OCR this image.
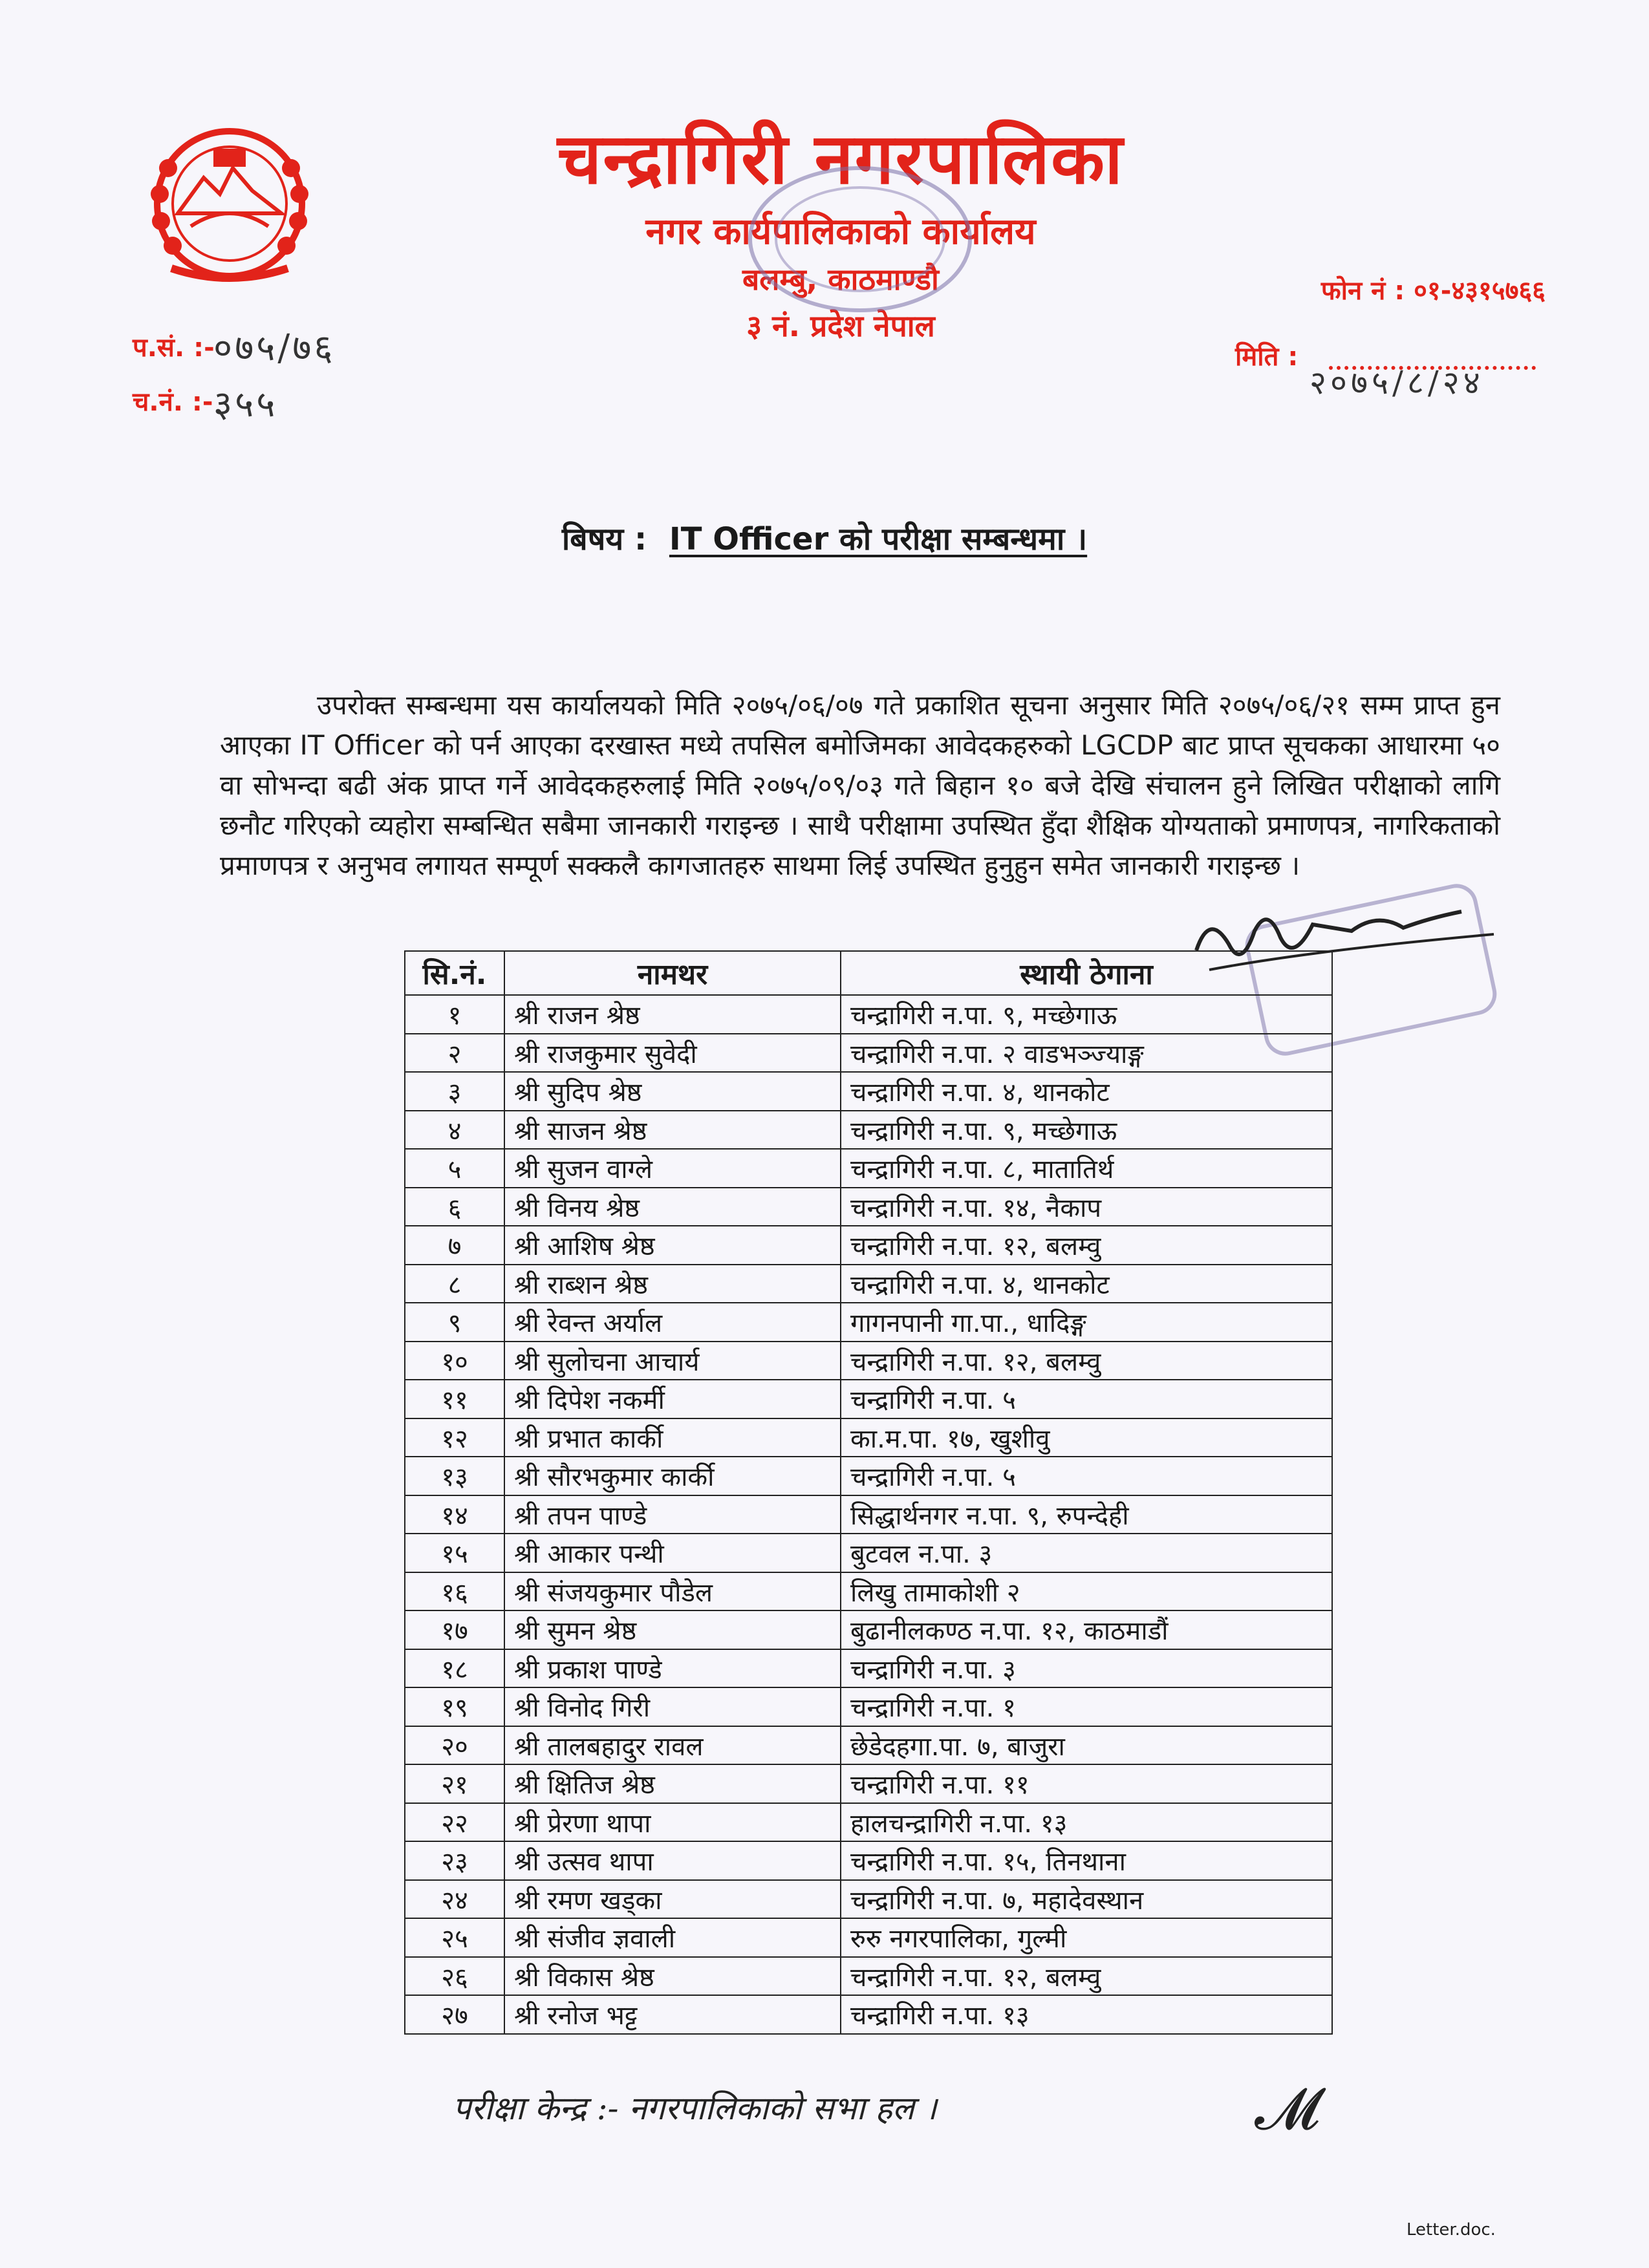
चन्द्रागिरी नगरपालिका
नगर कार्यपालिकाको कार्यालय
बलम्बु, काठमाण्डौ
३ नं. प्रदेश नेपाल
फोन नं : ०१-४३१५७६६
मिति :
२०७५/८/२४
प.सं. :-
०७५/७६
च.नं. :- ३५५
बिषय : IT Officer को परीक्षा सम्बन्धमा ।
उपरोक्त सम्बन्धमा यस कार्यालयको मिति २०७५/०६/०७ गते प्रकाशित सूचना अनुसार मिति २०७५/०६/२१ सम्म प्राप्त हुन आएका IT Officer को पर्न आएका दरखास्त मध्ये तपसिल बमोजिमका आवेदकहरुको LGCDP बाट प्राप्त सूचकका आधारमा ५० वा सोभन्दा बढी अंक प्राप्त गर्ने आवेदकहरुलाई मिति २०७५/०९/०३ गते बिहान १० बजे देखि संचालन हुने लिखित परीक्षाको लागि छनौट गरिएको व्यहोरा सम्बन्धित सबैमा जानकारी गराइन्छ । साथै परीक्षामा उपस्थित हुँदा शैक्षिक योग्यताको प्रमाणपत्र, नागरिकताको प्रमाणपत्र र अनुभव लगायत सम्पूर्ण सक्कलै कागजातहरु साथमा लिई उपस्थित हुनुहुन समेत जानकारी गराइन्छ ।
सि.नं.	नामथर	स्थायी ठेगाना
१	श्री राजन श्रेष्ठ	चन्द्रागिरी न.पा. ९, मच्छेगाऊ
२	श्री राजकुमार सुवेदी	चन्द्रागिरी न.पा. २ वाडभञ्ज्याङ्ग
३	श्री सुदिप श्रेष्ठ	चन्द्रागिरी न.पा. ४, थानकोट
४	श्री साजन श्रेष्ठ	चन्द्रागिरी न.पा. ९, मच्छेगाऊ
५	श्री सुजन वाग्ले	चन्द्रागिरी न.पा. ८, मातातिर्थ
६	श्री विनय श्रेष्ठ	चन्द्रागिरी न.पा. १४, नैकाप
७	श्री आशिष श्रेष्ठ	चन्द्रागिरी न.पा. १२, बलम्वु
८	श्री राब्शन श्रेष्ठ	चन्द्रागिरी न.पा. ४, थानकोट
९	श्री रेवन्त अर्याल	गागनपानी गा.पा., धादिङ्ग
१०	श्री सुलोचना आचार्य	चन्द्रागिरी न.पा. १२, बलम्वु
११	श्री दिपेश नकर्मी	चन्द्रागिरी न.पा. ५
१२	श्री प्रभात कार्की	का.म.पा. १७, खुशीवु
१३	श्री सौरभकुमार कार्की	चन्द्रागिरी न.पा. ५
१४	श्री तपन पाण्डे	सिद्धार्थनगर न.पा. ९, रुपन्देही
१५	श्री आकार पन्थी	बुटवल न.पा. ३
१६	श्री संजयकुमार पौडेल	लिखु तामाकोशी २
१७	श्री सुमन श्रेष्ठ	बुढानीलकण्ठ न.पा. १२, काठमाडौं
१८	श्री प्रकाश पाण्डे	चन्द्रागिरी न.पा. ३
१९	श्री विनोद गिरी	चन्द्रागिरी न.पा. १
२०	श्री तालबहादुर रावल	छेडेदहगा.पा. ७, बाजुरा
२१	श्री क्षितिज श्रेष्ठ	चन्द्रागिरी न.पा. ११
२२	श्री प्रेरणा थापा	हालचन्द्रागिरी न.पा. १३
२३	श्री उत्सव थापा	चन्द्रागिरी न.पा. १५, तिनथाना
२४	श्री रमण खड्का	चन्द्रागिरी न.पा. ७, महादेवस्थान
२५	श्री संजीव ज्ञवाली	रुरु नगरपालिका, गुल्मी
२६	श्री विकास श्रेष्ठ	चन्द्रागिरी न.पा. १२, बलम्वु
२७	श्री रनोज भट्ट	चन्द्रागिरी न.पा. १३
परीक्षा केन्द्र :- नगरपालिकाको सभा हल ।	𝓜
Letter.doc.
